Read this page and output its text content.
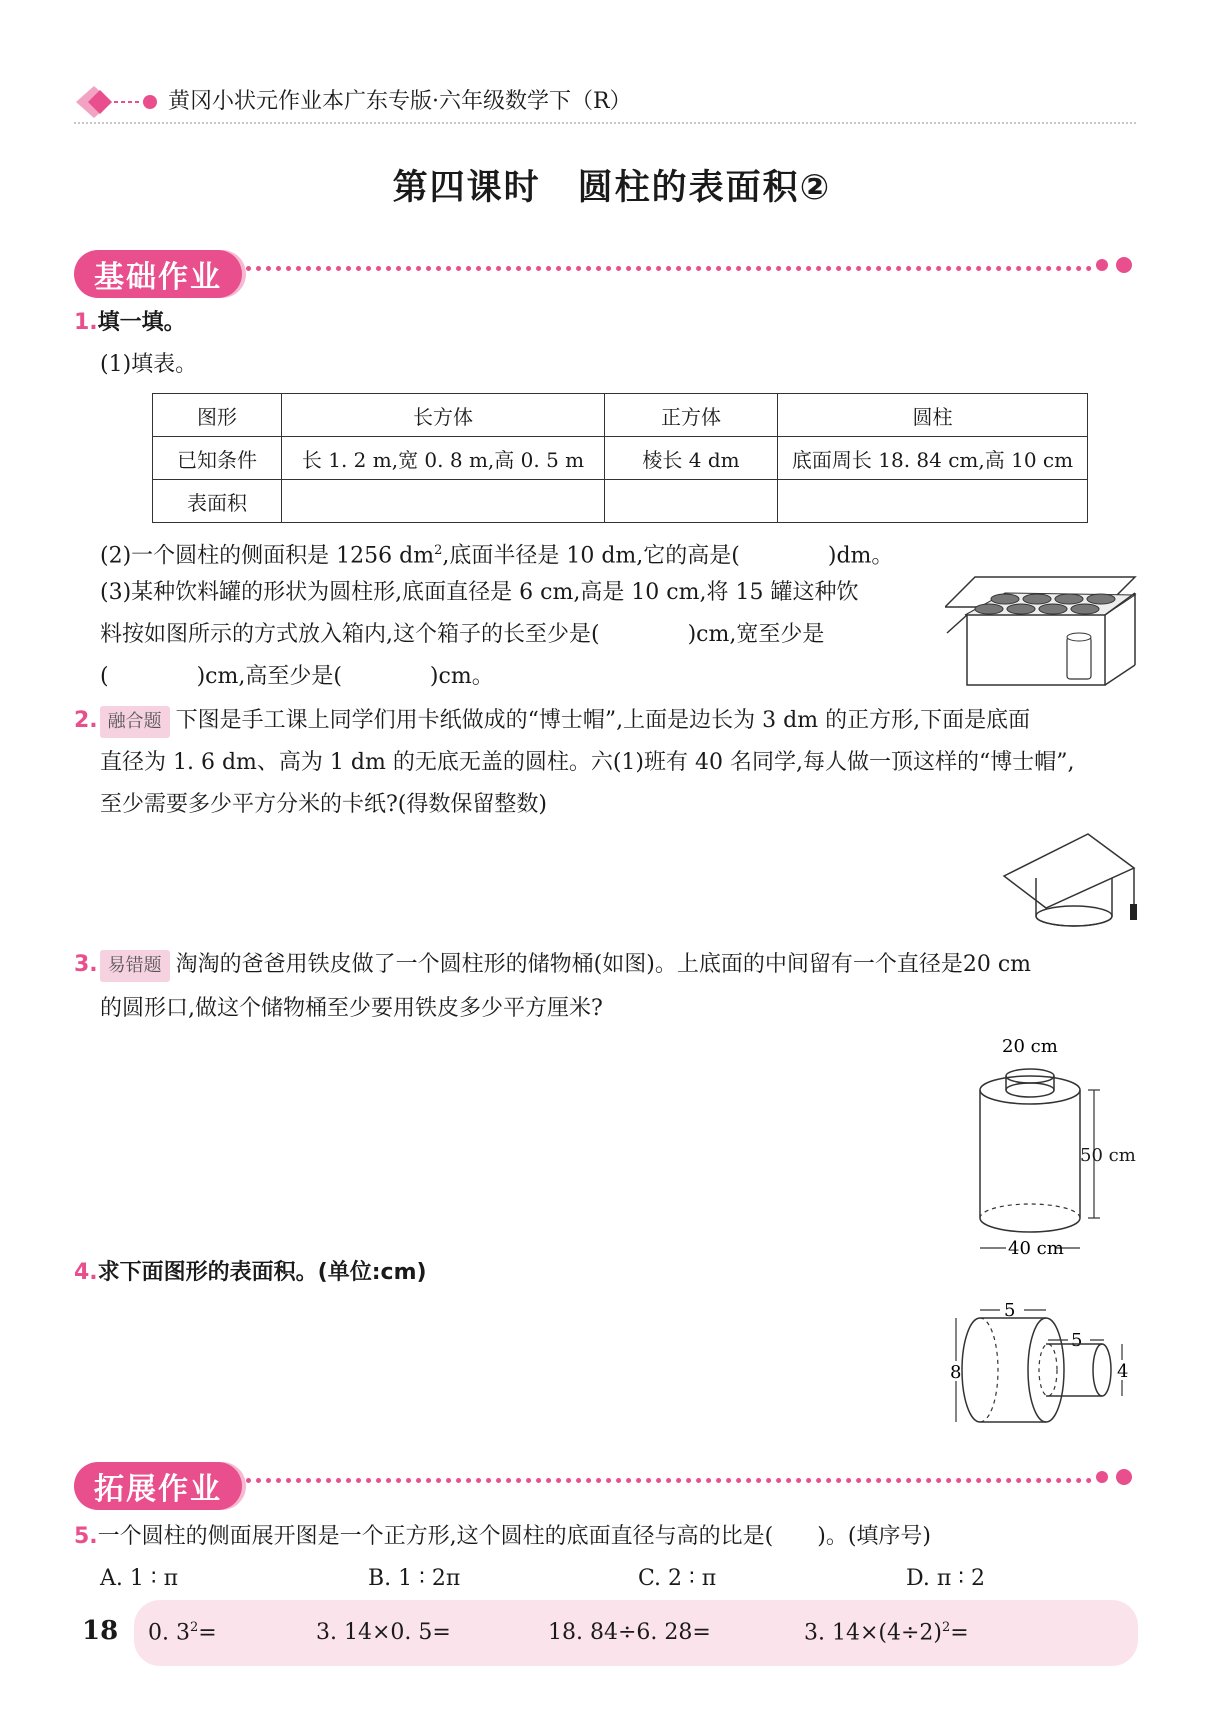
黄冈小状元作业本广东专版·六年级数学下（R）
第四课时　圆柱的表面积②
基础作业
1.填一填。
(1)填表。
图形	长方体	正方体	圆柱
已知条件	长 1. 2 m,宽 0. 8 m,高 0. 5 m	棱长 4 dm	底面周长 18. 84 cm,高 10 cm
表面积			
(2)一个圆柱的侧面积是 1256 $dm^2$,底面半径是 10 dm,它的高是(　　　　)dm。
(3)某种饮料罐的形状为圆柱形,底面直径是 6 cm,高是 10 cm,将 15 罐这种饮
料按如图所示的方式放入箱内,这个箱子的长至少是(　　　　)cm,宽至少是
(　　　　)cm,高至少是(　　　　)cm。
2. 融合题 下图是手工课上同学们用卡纸做成的“博士帽”,上面是边长为 3 dm 的正方形,下面是底面
直径为 1. 6 dm、高为 1 dm 的无底无盖的圆柱。六(1)班有 40 名同学,每人做一顶这样的“博士帽”,
至少需要多少平方分米的卡纸?(得数保留整数)
3. 易错题 淘淘的爸爸用铁皮做了一个圆柱形的储物桶(如图)。上底面的中间留有一个直径是20 cm
的圆形口,做这个储物桶至少要用铁皮多少平方厘米?
20 cm
50 cm
40 cm
4.求下面图形的表面积。(单位:cm)
5
5
8	4
拓展作业
5.一个圆柱的侧面展开图是一个正方形,这个圆柱的底面直径与高的比是(　　)。(填序号)
A. 1 ∶ π	B. 1 ∶ 2π	C. 2 ∶ π	D. π ∶ 2
18 0. $3^2=$	3. 14×0. 5=	18. 84÷6. 28=	3. $14\times(4\div 2)^2=$
